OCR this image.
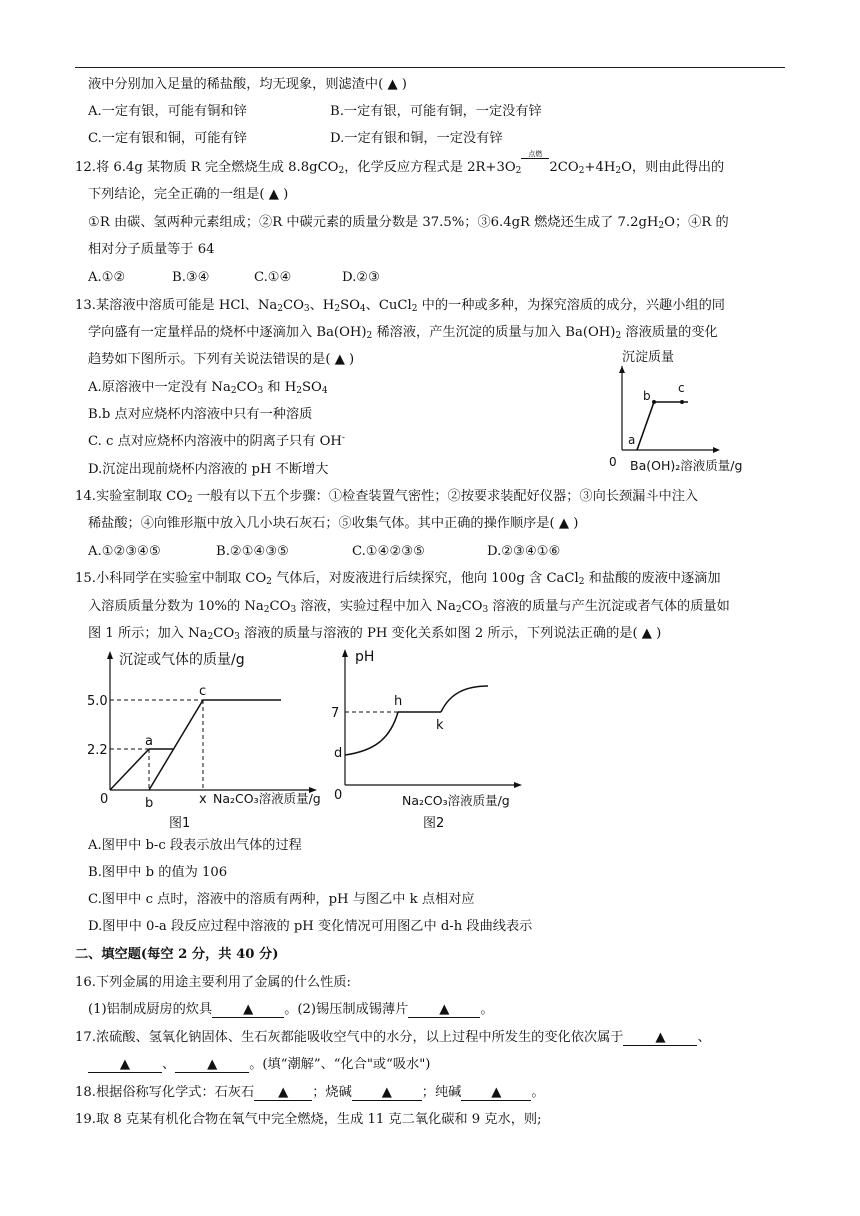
液中分别加入足量的稀盐酸，均无现象，则滤渣中( ▲ )
A.一定有银，可能有铜和锌	B.一定有银，可能有铜，一定没有锌
C.一定有银和铜，可能有锌	D.一定有银和铜，一定没有锌
12.将 6.4g 某物质 R 完全燃烧生成 8.8gCO$_2$，化学反应方程式是 $2R+3O_2$
点燃
$2CO_2+4H_2O$，则由此得出的
下列结论，完全正确的一组是( ▲ )
①R 由碳、氢两种元素组成；②R 中碳元素的质量分数是 37.5%；③6.4gR 燃烧还生成了 $7.2gH_2O$；④R 的
相对分子质量等于 64
A.①②	B.③④	C.①④	D.②③
13.某溶液中溶质可能是 HCl、$Na_2CO_3$、$H_2SO_4$、CuCl$_2$ 中的一种或多种，为探究溶质的成分，兴趣小组的同
学向盛有一定量样品的烧杯中逐滴加入 $Ba(OH)_2$ 稀溶液，产生沉淀的质量与加入 $Ba(OH)_2$ 溶液质量的变化
趋势如下图所示。下列有关说法错误的是( ▲ )
A.原溶液中一定没有 $Na_2CO_3$ 和 $H_2SO_4$
B.b 点对应烧杯内溶液中只有一种溶质
C. c 点对应烧杯内溶液中的阴离子只有 OH-
D.沉淀出现前烧杯内溶液的 pH 不断增大
沉淀质量
a
b
c
0 Ba(OH)₂溶液质量/g
14.实验室制取 $CO_2$ 一般有以下五个步骤：①检查装置气密性；②按要求装配好仪器；③向长颈漏斗中注入
稀盐酸；④向锥形瓶中放入几小块石灰石；⑤收集气体。其中正确的操作顺序是( ▲ )
A.①②③④⑤	B.②①④③⑤	C.①④②③⑤	D.②③④①⑥
15.小科同学在实验室中制取 $CO_2$ 气体后，对废液进行后续探究，他向 100g 含 CaCl$_2$ 和盐酸的废液中逐滴加
入溶质质量分数为 10%的 $Na_2CO_3$ 溶液，实验过程中加入 $Na_2CO_3$ 溶液的质量与产生沉淀或者气体的质量如
图 1 所示；加入 $Na_2CO_3$ 溶液的质量与溶液的 PH 变化关系如图 2 所示，下列说法正确的是( ▲ )
沉淀或气体的质量/g
5.0
2.2
0
a
c
b	x Na₂CO₃溶液质量/g
图1
pH
7
0
d
h
k
Na₂CO₃溶液质量/g
图2
A.图甲中 b-c 段表示放出气体的过程
B.图甲中 b 的值为 106
C.图甲中 c 点时，溶液中的溶质有两种，pH 与图乙中 k 点相对应
D.图甲中 0-a 段反应过程中溶液的 pH 变化情况可用图乙中 d-h 段曲线表示
二、填空题(每空 2 分，共 40 分)
16.下列金属的用途主要利用了金属的什么性质:
(1)铝制成厨房的炊具 ▲ 。(2)锡压制成锡薄片 ▲ 。
17.浓硫酸、氢氧化钠固体、生石灰都能吸收空气中的水分，以上过程中所发生的变化依次属于 ▲ 、
▲ 、 ▲ 。(填“潮解”、“化合"或“吸水")
18.根据俗称写化学式：石灰石 ▲ ；烧碱 ▲ ；纯碱 ▲ 。
19.取 8 克某有机化合物在氧气中完全燃烧，生成 11 克二氧化碳和 9 克水，则;
